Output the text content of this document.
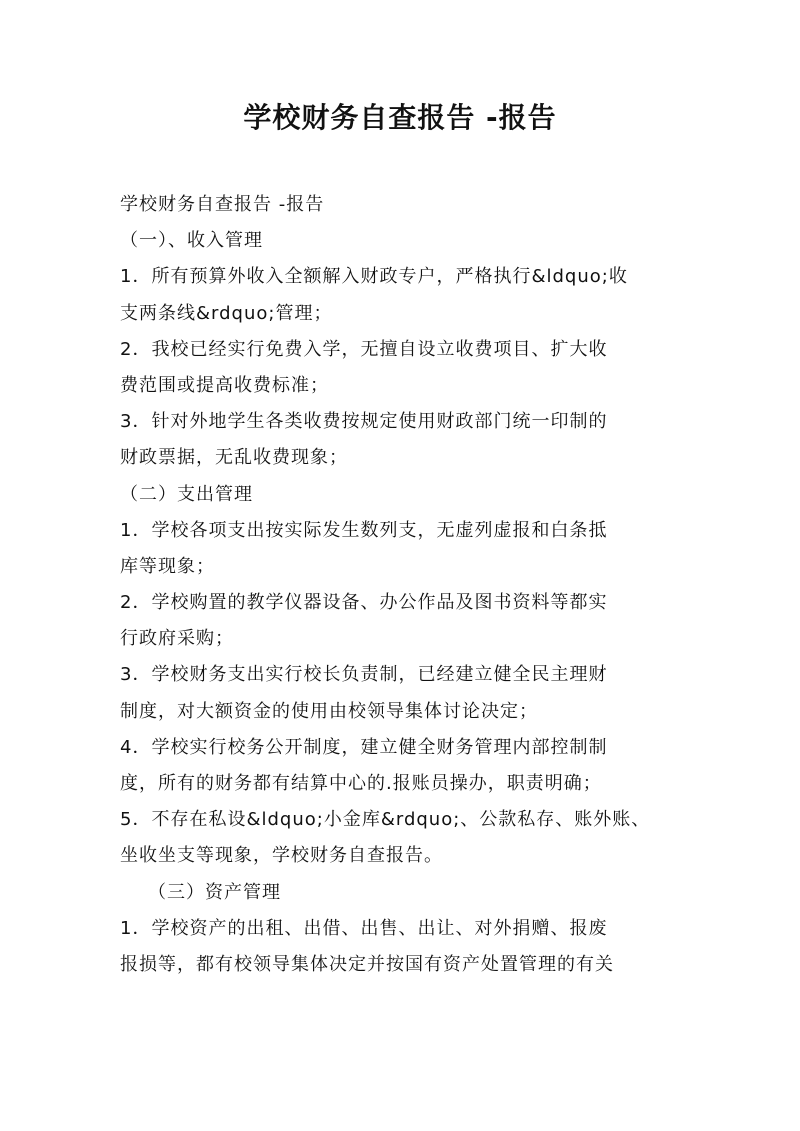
学校财务自查报告 -报告
学校财务自查报告 -报告
（一）、收入管理
1．所有预算外收入全额解入财政专户，严格执行&ldquo;收
支两条线&rdquo;管理；
2．我校已经实行免费入学，无擅自设立收费项目、扩大收
费范围或提高收费标准；
3．针对外地学生各类收费按规定使用财政部门统一印制的
财政票据，无乱收费现象；
（二）支出管理
1．学校各项支出按实际发生数列支，无虚列虚报和白条抵
库等现象；
2．学校购置的教学仪器设备、办公作品及图书资料等都实
行政府采购；
3．学校财务支出实行校长负责制，已经建立健全民主理财
制度，对大额资金的使用由校领导集体讨论决定；
4．学校实行校务公开制度，建立健全财务管理内部控制制
度，所有的财务都有结算中心的.报账员操办，职责明确；
5．不存在私设&ldquo;小金库&rdquo;、公款私存、账外账、
坐收坐支等现象，学校财务自查报告。
（三）资产管理
1．学校资产的出租、出借、出售、出让、对外捐赠、报废
报损等，都有校领导集体决定并按国有资产处置管理的有关
